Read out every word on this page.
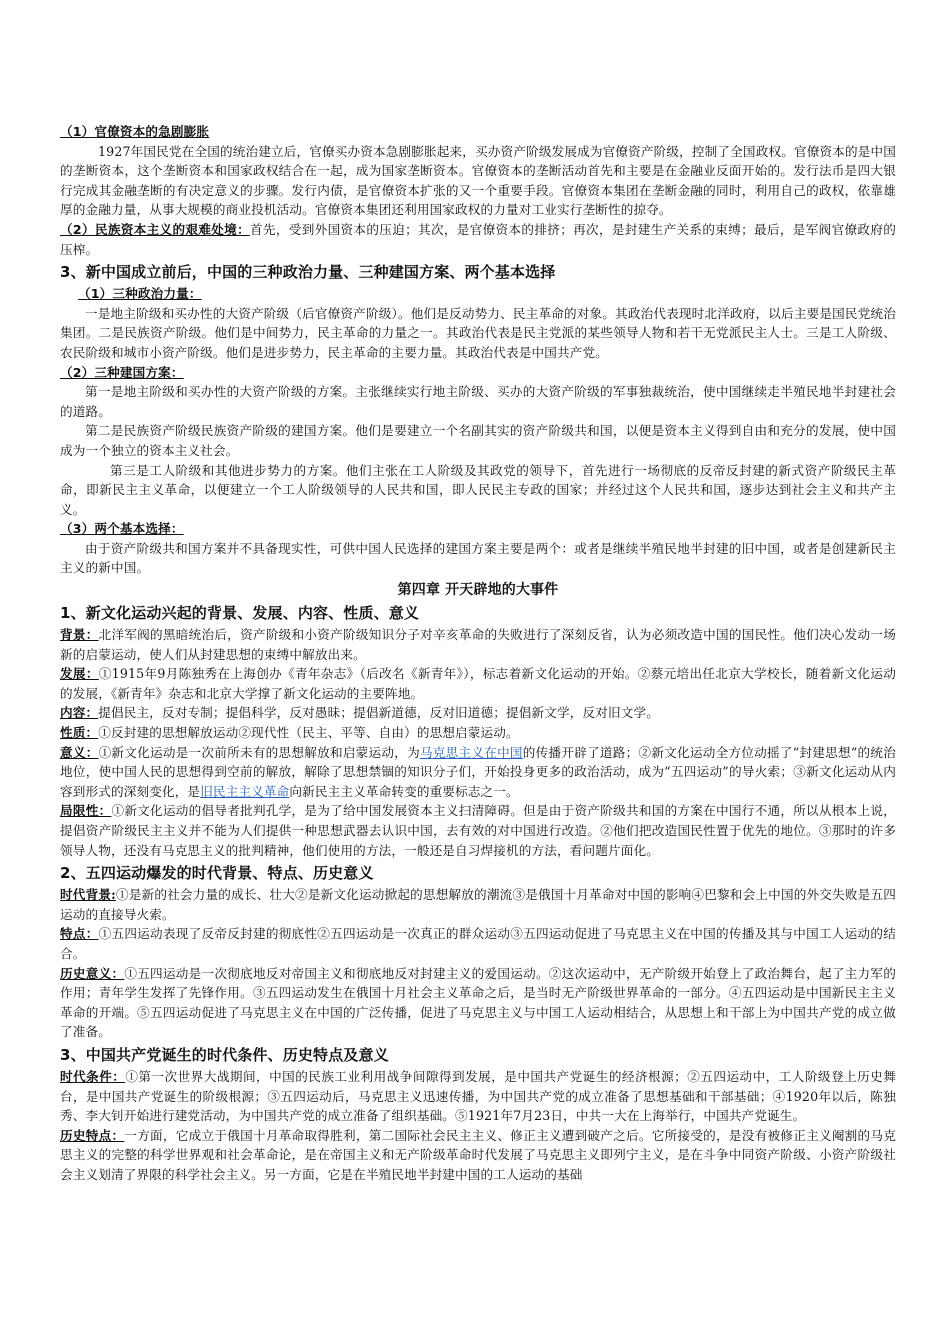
（1）官僚资本的急剧膨胀

1927年国民党在全国的统治建立后，官僚买办资本急剧膨胀起来，买办资产阶级发展成为官僚资产阶级，控制了全国政权。官僚资本的是中国的垄断资本，这个垄断资本和国家政权结合在一起，成为国家垄断资本。官僚资本的垄断活动首先和主要是在金融业反面开始的。发行法币是四大银行完成其金融垄断的有决定意义的步骤。发行内债，是官僚资本扩张的又一个重要手段。官僚资本集团在垄断金融的同时，利用自己的政权，依靠雄厚的金融力量，从事大规模的商业投机活动。官僚资本集团还利用国家政权的力量对工业实行垄断性的掠夺。

（2）民族资本主义的艰难处境：首先，受到外国资本的压迫；其次，是官僚资本的排挤；再次，是封建生产关系的束缚；最后，是军阀官僚政府的压榨。

3、新中国成立前后，中国的三种政治力量、三种建国方案、两个基本选择

（1）三种政治力量：

一是地主阶级和买办性的大资产阶级（后官僚资产阶级）。他们是反动势力、民主革命的对象。其政治代表现时北洋政府，以后主要是国民党统治集团。二是民族资产阶级。他们是中间势力，民主革命的力量之一。其政治代表是民主党派的某些领导人物和若干无党派民主人士。三是工人阶级、农民阶级和城市小资产阶级。他们是进步势力，民主革命的主要力量。其政治代表是中国共产党。

（2）三种建国方案：

第一是地主阶级和买办性的大资产阶级的方案。主张继续实行地主阶级、买办的大资产阶级的军事独裁统治，使中国继续走半殖民地半封建社会的道路。

第二是民族资产阶级民族资产阶级的建国方案。他们是要建立一个名副其实的资产阶级共和国，以便是资本主义得到自由和充分的发展，使中国成为一个独立的资本主义社会。

第三是工人阶级和其他进步势力的方案。他们主张在工人阶级及其政党的领导下，首先进行一场彻底的反帝反封建的新式资产阶级民主革命，即新民主主义革命，以便建立一个工人阶级领导的人民共和国，即人民民主专政的国家；并经过这个人民共和国，逐步达到社会主义和共产主义。

（3）两个基本选择：

由于资产阶级共和国方案并不具备现实性，可供中国人民选择的建国方案主要是两个：或者是继续半殖民地半封建的旧中国，或者是创建新民主主义的新中国。

第四章 开天辟地的大事件
1、新文化运动兴起的背景、发展、内容、性质、意义

背景：北洋军阀的黑暗统治后，资产阶级和小资产阶级知识分子对辛亥革命的失败进行了深刻反省，认为必须改造中国的国民性。他们决心发动一场新的启蒙运动，使人们从封建思想的束缚中解放出来。

发展：①1915年9月陈独秀在上海创办《青年杂志》（后改名《新青年》），标志着新文化运动的开始。②蔡元培出任北京大学校长，随着新文化运动的发展，《新青年》杂志和北京大学撑了新文化运动的主要阵地。

内容：提倡民主，反对专制；提倡科学，反对愚昧；提倡新道德，反对旧道德；提倡新文学，反对旧文学。

性质：①反封建的思想解放运动②现代性（民主、平等、自由）的思想启蒙运动。

意义：①新文化运动是一次前所未有的思想解放和启蒙运动，为马克思主义在中国的传播开辟了道路；②新文化运动全方位动摇了“封建思想”的统治地位，使中国人民的思想得到空前的解放，解除了思想禁锢的知识分子们，开始投身更多的政治活动，成为“五四运动”的导火索；③新文化运动从内容到形式的深刻变化，是旧民主主义革命向新民主主义革命转变的重要标志之一。

局限性：①新文化运动的倡导者批判孔学，是为了给中国发展资本主义扫清障碍。但是由于资产阶级共和国的方案在中国行不通，所以从根本上说，提倡资产阶级民主主义并不能为人们提供一种思想武器去认识中国，去有效的对中国进行改造。②他们把改造国民性置于优先的地位。③那时的许多领导人物，还没有马克思主义的批判精神，他们使用的方法，一般还是自习焊接机的方法，看问题片面化。

2、五四运动爆发的时代背景、特点、历史意义

时代背景:①是新的社会力量的成长、壮大②是新文化运动掀起的思想解放的潮流③是俄国十月革命对中国的影响④巴黎和会上中国的外交失败是五四运动的直接导火索。

特点：①五四运动表现了反帝反封建的彻底性②五四运动是一次真正的群众运动③五四运动促进了马克思主义在中国的传播及其与中国工人运动的结合。

历史意义：①五四运动是一次彻底地反对帝国主义和彻底地反对封建主义的爱国运动。②这次运动中，无产阶级开始登上了政治舞台，起了主力军的作用；青年学生发挥了先锋作用。③五四运动发生在俄国十月社会主义革命之后，是当时无产阶级世界革命的一部分。④五四运动是中国新民主主义革命的开端。⑤五四运动促进了马克思主义在中国的广泛传播，促进了马克思主义与中国工人运动相结合，从思想上和干部上为中国共产党的成立做了准备。

3、中国共产党诞生的时代条件、历史特点及意义

时代条件：①第一次世界大战期间，中国的民族工业利用战争间隙得到发展，是中国共产党诞生的经济根源；②五四运动中，工人阶级登上历史舞台，是中国共产党诞生的阶级根源；③五四运动后，马克思主义迅速传播，为中国共产党的成立准备了思想基础和干部基础；④1920年以后，陈独秀、李大钊开始进行建党活动，为中国共产党的成立准备了组织基础。⑤1921年7月23日，中共一大在上海举行，中国共产党诞生。

历史特点：一方面，它成立于俄国十月革命取得胜利，第二国际社会民主主义、修正主义遭到破产之后。它所接受的，是没有被修正主义阉割的马克思主义的完整的科学世界观和社会革命论，是在帝国主义和无产阶级革命时代发展了马克思主义即列宁主义，是在斗争中同资产阶级、小资产阶级社会主义划清了界限的科学社会主义。另一方面，它是在半殖民地半封建中国的工人运动的基础
